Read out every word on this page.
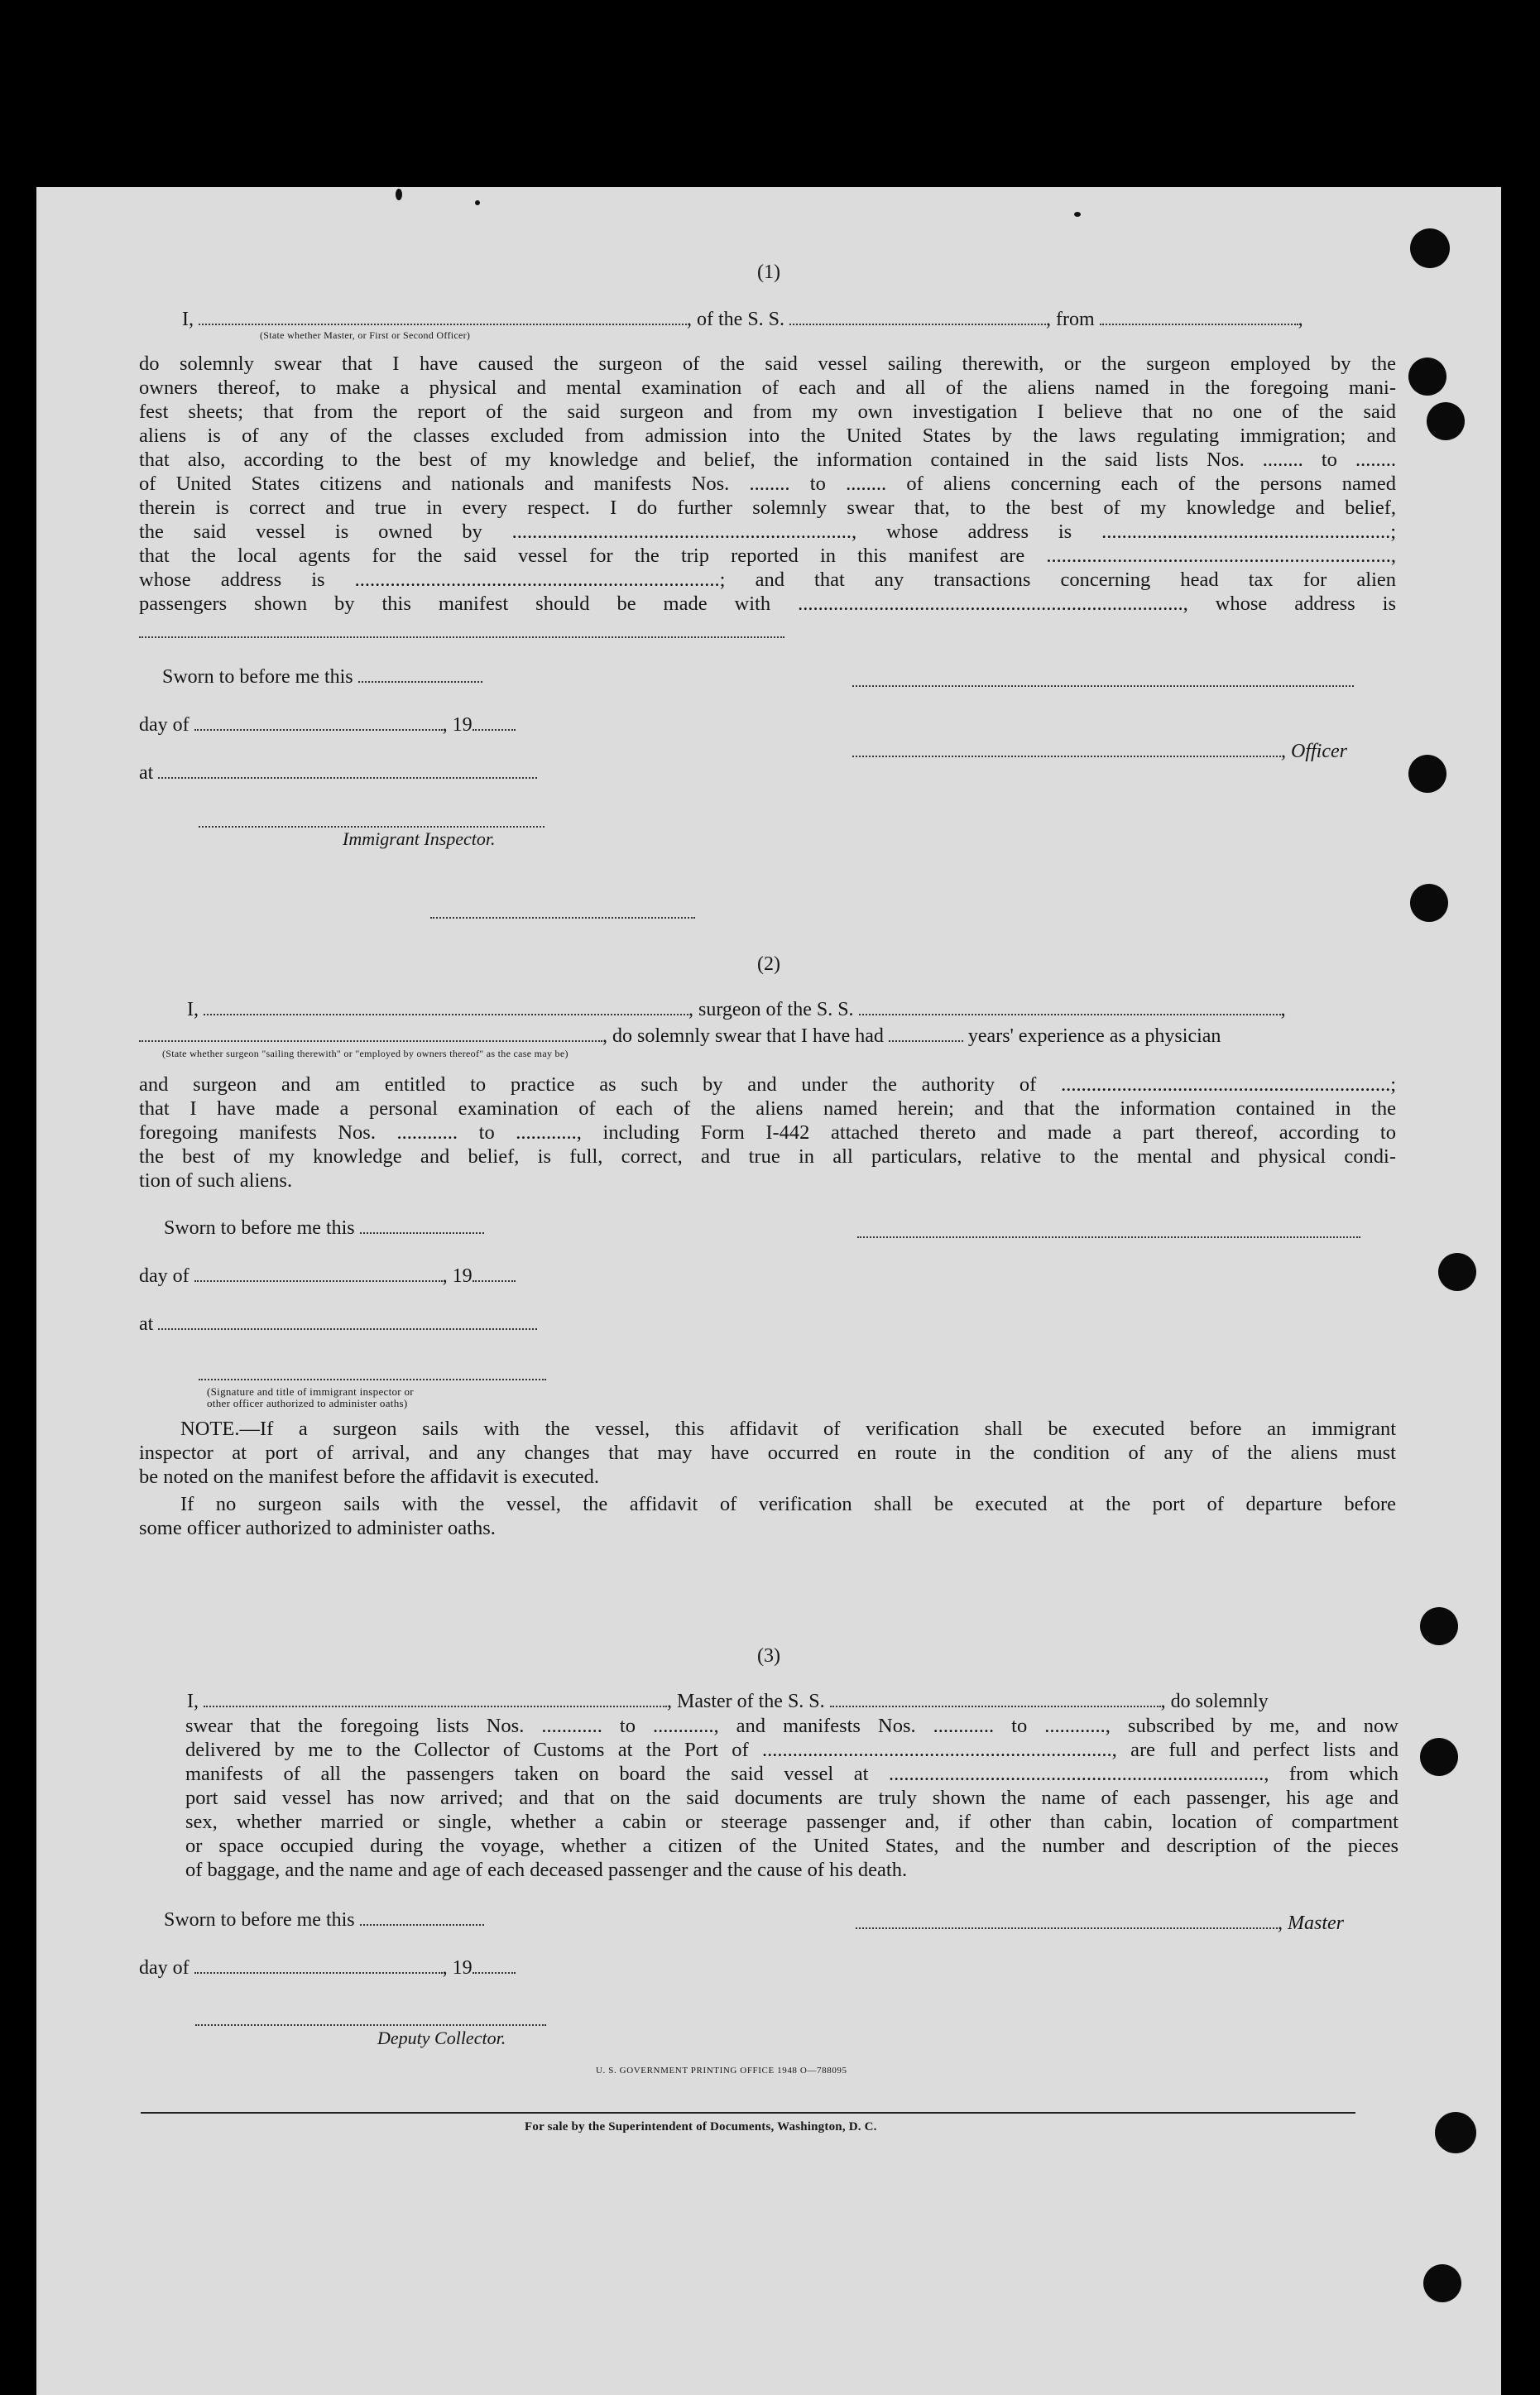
(1)
I,	, of the S. S.	, from	,
(State whether Master, or First or Second Officer)
do solemnly swear that I have caused the surgeon of the said vessel sailing therewith, or the surgeon employed by the
owners thereof, to make a physical and mental examination of each and all of the aliens named in the foregoing mani-
fest sheets; that from the report of the said surgeon and from my own investigation I believe that no one of the said
aliens is of any of the classes excluded from admission into the United States by the laws regulating immigration; and
that also, according to the best of my knowledge and belief, the information contained in the said lists Nos. ........ to ........
of United States citizens and nationals and manifests Nos. ........ to ........ of aliens concerning each of the persons named
therein is correct and true in every respect. I do further solemnly swear that, to the best of my knowledge and belief,
the said vessel is owned by ..................................................................., whose address is .........................................................;
that the local agents for the said vessel for the trip reported in this manifest are ....................................................................,
whose address is ........................................................................; and that any transactions concerning head tax for alien
passengers shown by this manifest should be made with ............................................................................, whose address is
Sworn to before me this
day of	, 19
, Officer
at
Immigrant Inspector.
(2)
I,	, surgeon of the S. S.	,
, do solemnly swear that I have had	years' experience as a physician
(State whether surgeon "sailing therewith" or "employed by owners thereof" as the case may be)
and surgeon and am entitled to practice as such by and under the authority of .................................................................;
that I have made a personal examination of each of the aliens named herein; and that the information contained in the
foregoing manifests Nos. ............ to ............, including Form I-442 attached thereto and made a part thereof, according to
the best of my knowledge and belief, is full, correct, and true in all particulars, relative to the mental and physical condi-
tion of such aliens.
Sworn to before me this
day of	, 19
at
(Signature and title of immigrant inspector or
other officer authorized to administer oaths)
NOTE.—If a surgeon sails with the vessel, this affidavit of verification shall be executed before an immigrant
inspector at port of arrival, and any changes that may have occurred en route in the condition of any of the aliens must
be noted on the manifest before the affidavit is executed.
If no surgeon sails with the vessel, the affidavit of verification shall be executed at the port of departure before
some officer authorized to administer oaths.
(3)
I,	, Master of the S. S.	, do solemnly
swear that the foregoing lists Nos. ............ to ............, and manifests Nos. ............ to ............, subscribed by me, and now
delivered by me to the Collector of Customs at the Port of ....................................................................., are full and perfect lists and
manifests of all the passengers taken on board the said vessel at .........................................................................., from which
port said vessel has now arrived; and that on the said documents are truly shown the name of each passenger, his age and
sex, whether married or single, whether a cabin or steerage passenger and, if other than cabin, location of compartment
or space occupied during the voyage, whether a citizen of the United States, and the number and description of the pieces
of baggage, and the name and age of each deceased passenger and the cause of his death.
Sworn to before me this	, Master
day of	, 19
Deputy Collector.
U. S. GOVERNMENT PRINTING OFFICE 1948 O—788095
For sale by the Superintendent of Documents, Washington, D. C.
